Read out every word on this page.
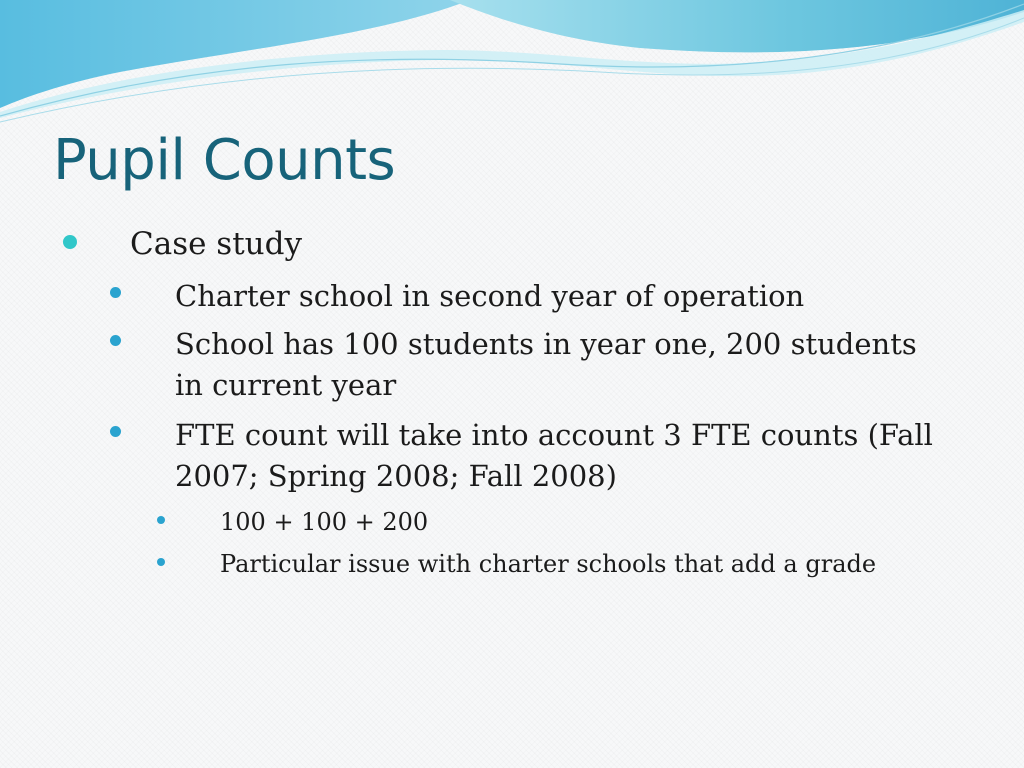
Pupil Counts
Case study
Charter school in second year of operation
School has 100 students in year one, 200 students in current year
FTE count will take into account 3 FTE counts (Fall 2007; Spring 2008; Fall 2008)
100 + 100 + 200
Particular issue with charter schools that add a grade
